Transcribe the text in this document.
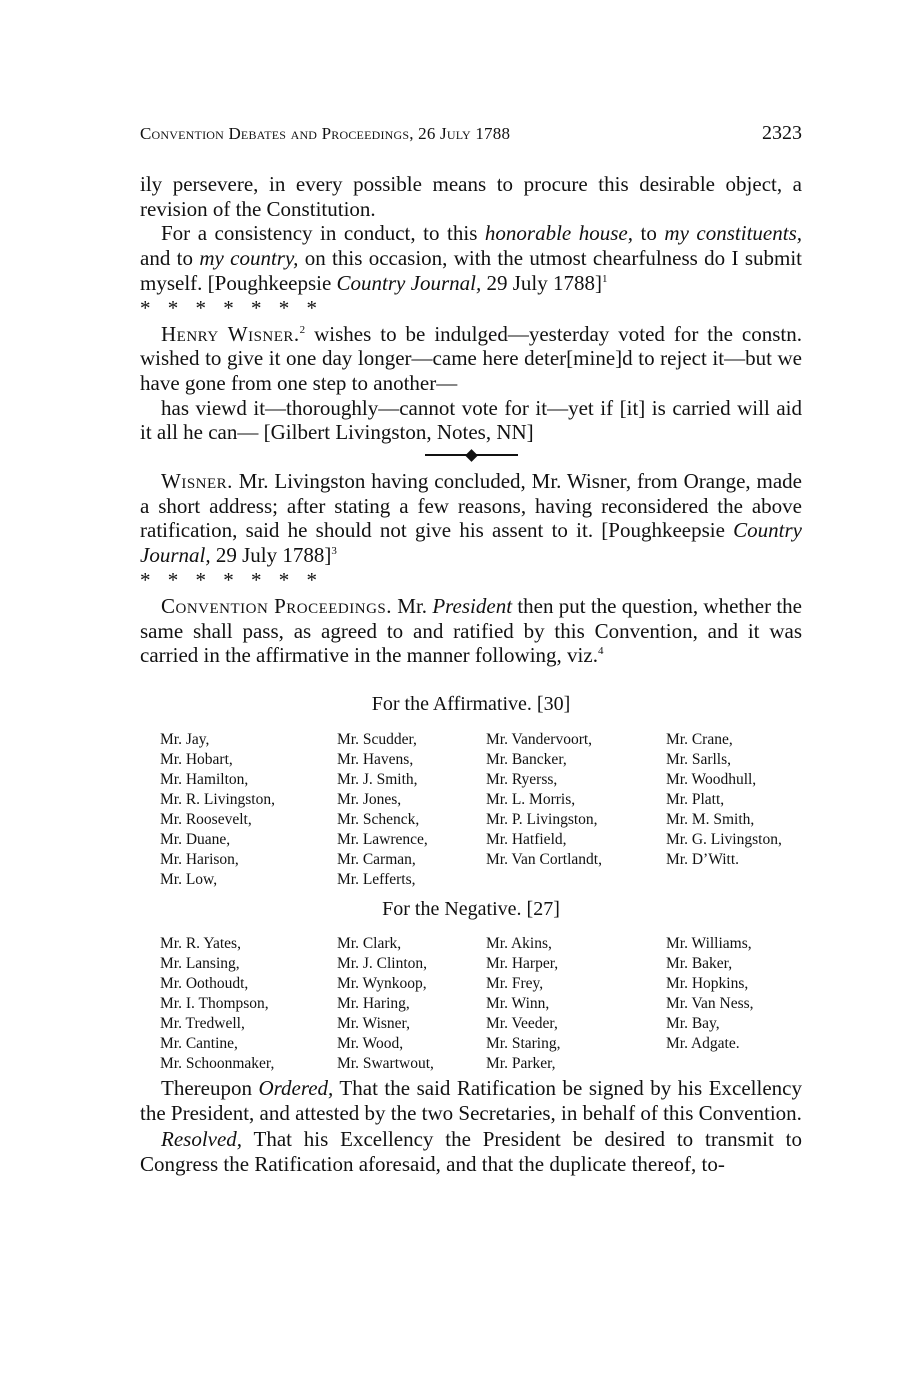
Convention Debates and Proceedings, 26 July 1788	2323

ily persevere, in every possible means to procure this desirable object, a revision of the Constitution.

For a consistency in conduct, to this honorable house, to my constituents, and to my country, on this occasion, with the utmost chearfulness do I submit myself. [Poughkeepsie Country Journal, 29 July 1788]$^1$

* * * * * * *

Henry Wisner.$^2$ wishes to be indulged—yesterday voted for the constn. wished to give it one day longer—came here deter[mine]d to reject it—but we have gone from one step to another—

has viewd it—thoroughly—cannot vote for it—yet if [it] is carried will aid it all he can— [Gilbert Livingston, Notes, NN]

Wisner. Mr. Livingston having concluded, Mr. Wisner, from Orange, made a short address; after stating a few reasons, having reconsidered the above ratification, said he should not give his assent to it. [Poughkeepsie Country Journal, 29 July 1788]$^3$

* * * * * * *

Convention Proceedings. Mr. President then put the question, whether the same shall pass, as agreed to and ratified by this Convention, and it was carried in the affirmative in the manner following, viz.$^4$

For the Affirmative. [30]
Mr. Jay,	Mr. Scudder,	Mr. Vandervoort,	Mr. Crane,
Mr. Hobart,	Mr. Havens,	Mr. Bancker,	Mr. Sarlls,
Mr. Hamilton,	Mr. J. Smith,	Mr. Ryerss,	Mr. Woodhull,
Mr. R. Livingston,	Mr. Jones,	Mr. L. Morris,	Mr. Platt,
Mr. Roosevelt,	Mr. Schenck,	Mr. P. Livingston,	Mr. M. Smith,
Mr. Duane,	Mr. Lawrence,	Mr. Hatfield,	Mr. G. Livingston,
Mr. Harison,	Mr. Carman,	Mr. Van Cortlandt,	Mr. D’Witt.
Mr. Low,	Mr. Lefferts,
For the Negative. [27]
Mr. R. Yates,	Mr. Clark,	Mr. Akins,	Mr. Williams,
Mr. Lansing,	Mr. J. Clinton,	Mr. Harper,	Mr. Baker,
Mr. Oothoudt,	Mr. Wynkoop,	Mr. Frey,	Mr. Hopkins,
Mr. I. Thompson,	Mr. Haring,	Mr. Winn,	Mr. Van Ness,
Mr. Tredwell,	Mr. Wisner,	Mr. Veeder,	Mr. Bay,
Mr. Cantine,	Mr. Wood,	Mr. Staring,	Mr. Adgate.
Mr. Schoonmaker,	Mr. Swartwout,	Mr. Parker,

Thereupon Ordered, That the said Ratification be signed by his Excellency the President, and attested by the two Secretaries, in behalf of this Convention.

Resolved, That his Excellency the President be desired to transmit to Congress the Ratification aforesaid, and that the duplicate thereof, to-
